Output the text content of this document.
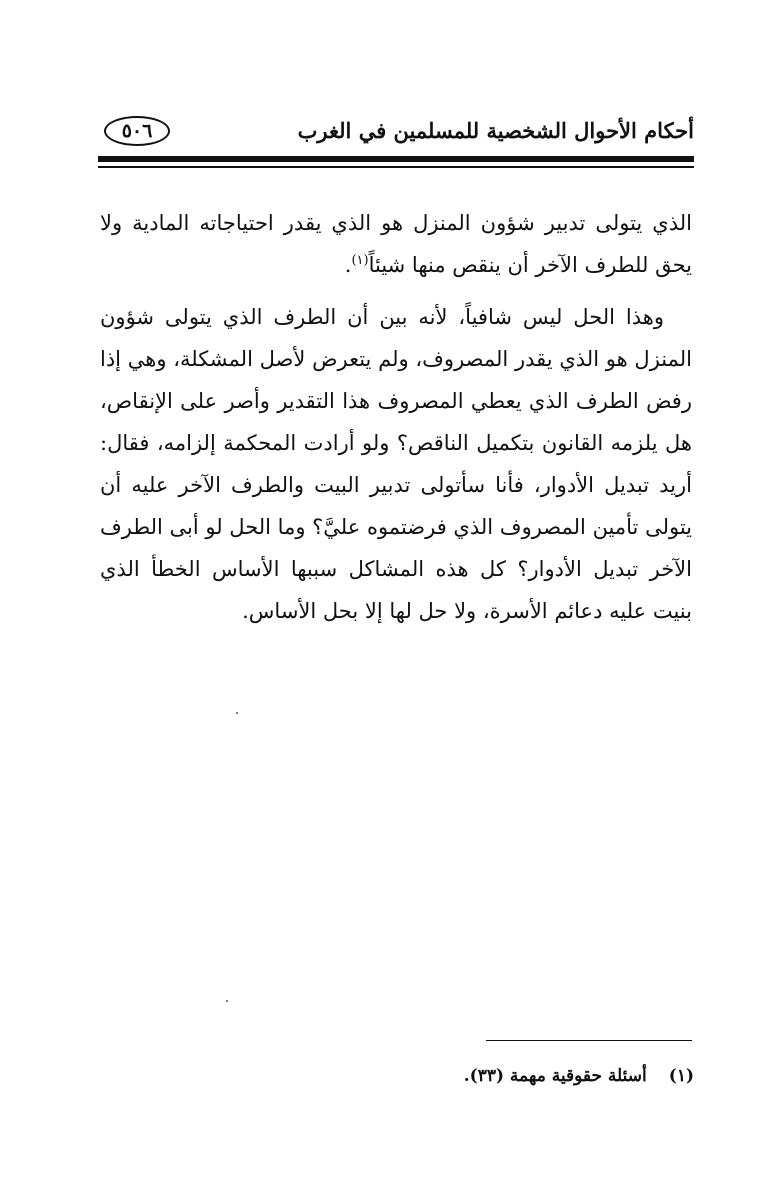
أحكام الأحوال الشخصية للمسلمين في الغرب
٥٠٦

الذي يتولى تدبير شؤون المنزل هو الذي يقدر احتياجاته المادية ولا يحق للطرف الآخر أن ينقص منها شيئاً$^{(١)}$.

وهذا الحل ليس شافياً، لأنه بين أن الطرف الذي يتولى شؤون المنزل هو الذي يقدر المصروف، ولم يتعرض لأصل المشكلة، وهي إذا رفض الطرف الذي يعطي المصروف هذا التقدير وأصر على الإنقاص، هل يلزمه القانون بتكميل الناقص؟ ولو أرادت المحكمة إلزامه، فقال: أريد تبديل الأدوار، فأنا سأتولى تدبير البيت والطرف الآخر عليه أن يتولى تأمين المصروف الذي فرضتموه عليَّ؟ وما الحل لو أبى الطرف الآخر تبديل الأدوار؟ كل هذه المشاكل سببها الأساس الخطأ الذي بنيت عليه دعائم الأسرة، ولا حل لها إلا بحل الأساس.

(١)أسئلة حقوقية مهمة (٣٣).
